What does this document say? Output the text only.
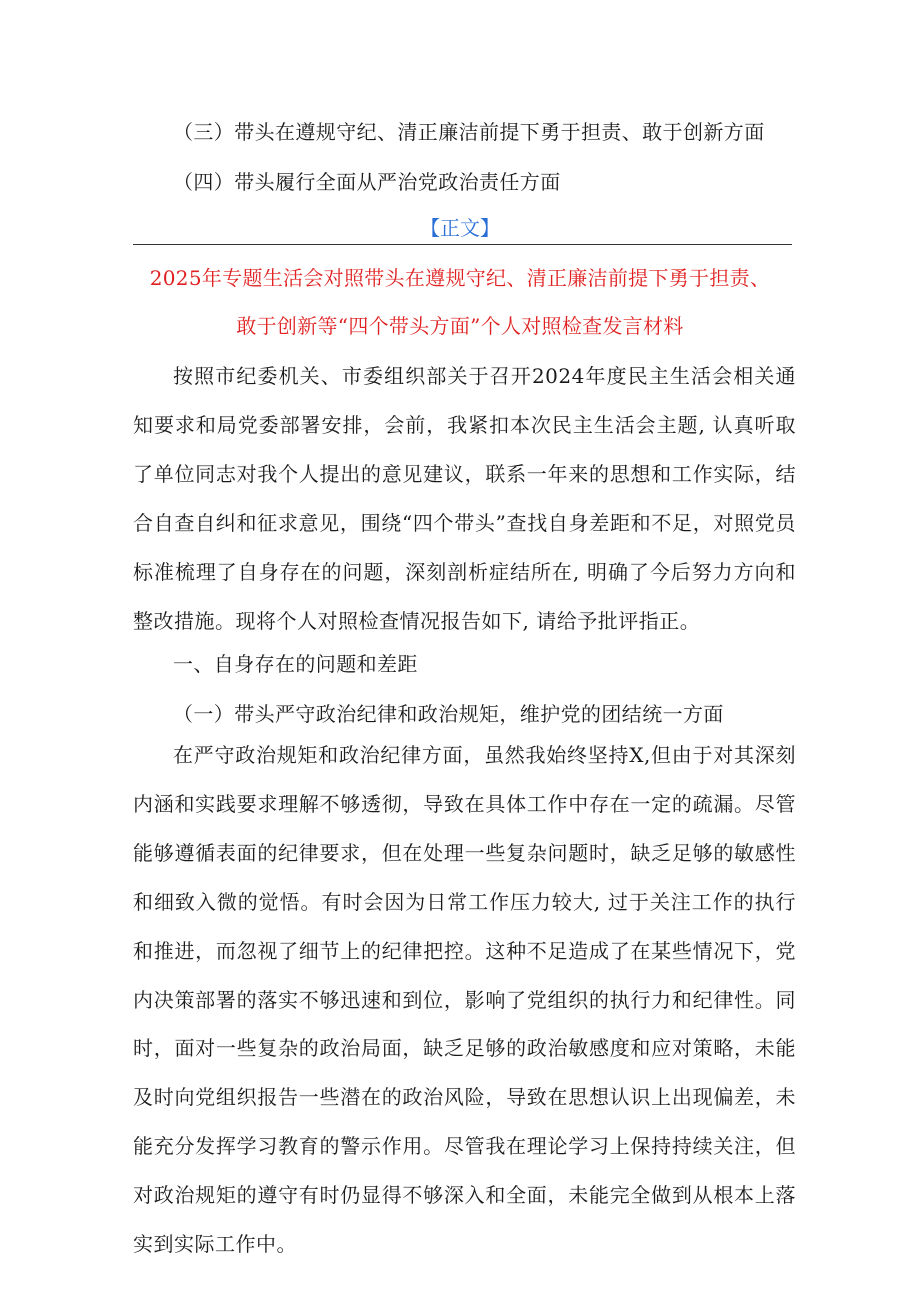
（三）带头在遵规守纪、清正廉洁前提下勇于担责、敢于创新方面
（四）带头履行全面从严治党政治责任方面
【正文】
2025年专题生活会对照带头在遵规守纪、清正廉洁前提下勇于担责、
敢于创新等“四个带头方面”个人对照检查发言材料

按照市纪委机关、市委组织部关于召开2024年度民主生活会相关通知要求和局党委部署安排，会前，我紧扣本次民主生活会主题, 认真听取了单位同志对我个人提出的意见建议，联系一年来的思想和工作实际，结合自查自纠和征求意见，围绕“四个带头”查找自身差距和不足，对照党员标准梳理了自身存在的问题，深刻剖析症结所在, 明确了今后努力方向和整改措施。现将个人对照检查情况报告如下, 请给予批评指正。

一、自身存在的问题和差距
（一）带头严守政治纪律和政治规矩，维护党的团结统一方面

在严守政治规矩和政治纪律方面，虽然我始终坚持X,但由于对其深刻内涵和实践要求理解不够透彻，导致在具体工作中存在一定的疏漏。尽管能够遵循表面的纪律要求，但在处理一些复杂问题时，缺乏足够的敏感性和细致入微的觉悟。有时会因为日常工作压力较大, 过于关注工作的执行和推进，而忽视了细节上的纪律把控。这种不足造成了在某些情况下，党内决策部署的落实不够迅速和到位，影响了党组织的执行力和纪律性。同时，面对一些复杂的政治局面，缺乏足够的政治敏感度和应对策略，未能及时向党组织报告一些潜在的政治风险，导致在思想认识上出现偏差，未能充分发挥学习教育的警示作用。尽管我在理论学习上保持持续关注，但对政治规矩的遵守有时仍显得不够深入和全面，未能完全做到从根本上落实到实际工作中。
